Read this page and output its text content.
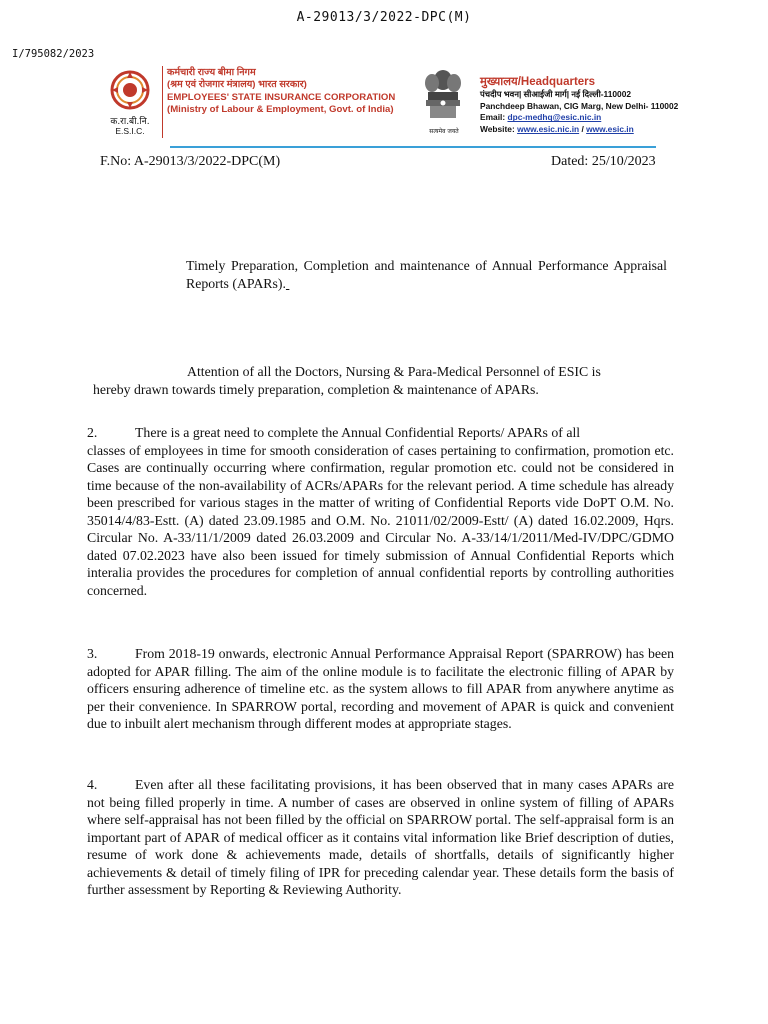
A-29013/3/2022-DPC(M)
I/795082/2023
क.रा.बी.नि.
E.S.I.C.
कर्मचारी राज्य बीमा निगम
(श्रम एवं रोजगार मंत्रालय) भारत सरकार)
EMPLOYEES' STATE INSURANCE CORPORATION
(Ministry of Labour & Employment, Govt. of India)
सत्यमेव जयते
मुख्यालय/Headquarters
पंचदीप भवन| सीआईजी मार्ग| नई दिल्ली-110002
Panchdeep Bhawan, CIG Marg, New Delhi- 110002
Email: dpc-medhq@esic.nic.in
Website: www.esic.nic.in / www.esic.in
F.No: A-29013/3/2022-DPC(M)	Dated: 25/10/2023
Timely Preparation, Completion and maintenance of Annual Performance Appraisal Reports (APARs).
Attention of all the Doctors, Nursing & Para-Medical Personnel of ESIC is
hereby drawn towards timely preparation, completion & maintenance of APARs.
2.	There is a great need to complete the Annual Confidential Reports/ APARs of all
classes of employees in time for smooth consideration of cases pertaining to confirmation, promotion etc. Cases are continually occurring where confirmation, regular promotion etc. could not be considered in time because of the non-availability of ACRs/APARs for the relevant period. A time schedule has already been prescribed for various stages in the matter of writing of Confidential Reports vide DoPT O.M. No. 35014/4/83-Estt. (A) dated 23.09.1985 and O.M. No. 21011/02/2009-Estt/ (A) dated 16.02.2009, Hqrs. Circular No. A-33/11/1/2009 dated 26.03.2009 and Circular No. A-33/14/1/2011/Med-IV/DPC/GDMO dated 07.02.2023 have also been issued for timely submission of Annual Confidential Reports which interalia provides the procedures for completion of annual confidential reports by controlling authorities concerned.
3.	From 2018-19 onwards, electronic Annual Performance Appraisal Report (SPARROW) has been adopted for APAR filling. The aim of the online module is to facilitate the electronic filling of APAR by officers ensuring adherence of timeline etc. as the system allows to fill APAR from anywhere anytime as per their convenience. In SPARROW portal, recording and movement of APAR is quick and convenient due to inbuilt alert mechanism through different modes at appropriate stages.
4.	Even after all these facilitating provisions, it has been observed that in many cases APARs are not being filled properly in time. A number of cases are observed in online system of filling of APARs where self-appraisal has not been filled by the official on SPARROW portal. The self-appraisal form is an important part of APAR of medical officer as it contains vital information like Brief description of duties, resume of work done & achievements made, details of shortfalls, details of significantly higher achievements & detail of timely filing of IPR for preceding calendar year. These details form the basis of further assessment by Reporting & Reviewing Authority.
